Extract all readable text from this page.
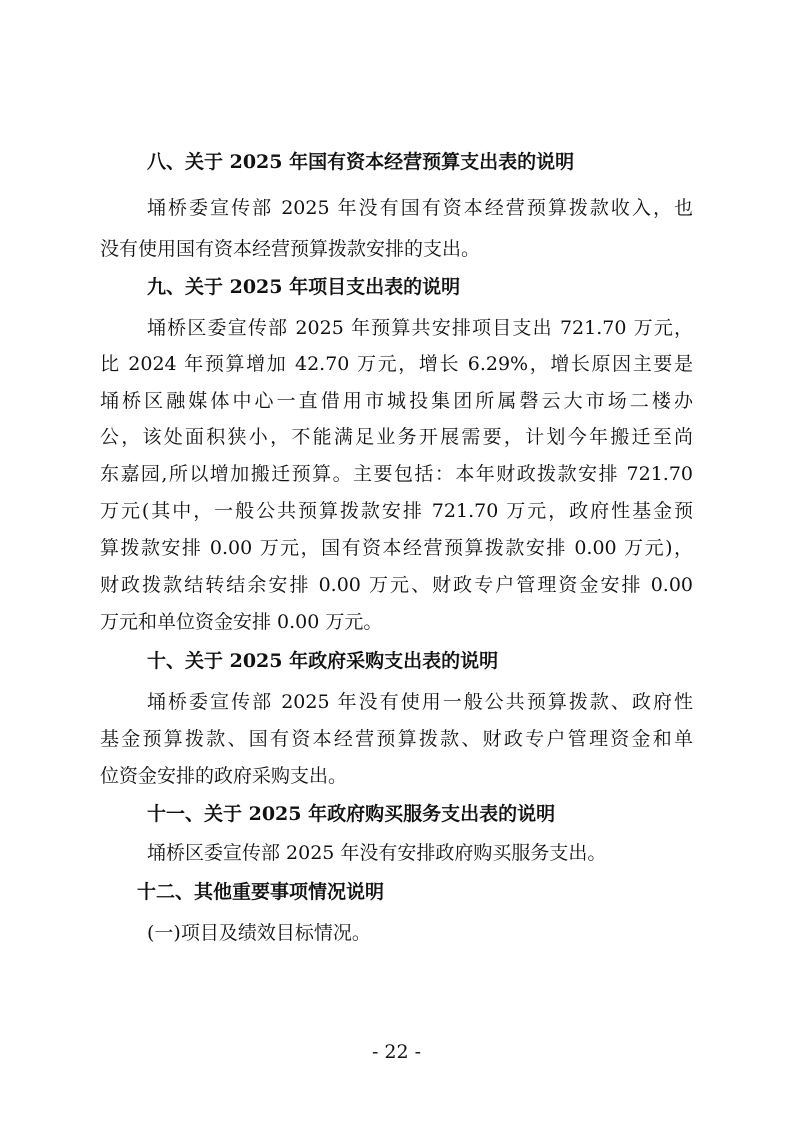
八、关于 2025 年国有资本经营预算支出表的说明
埇桥委宣传部 2025 年没有国有资本经营预算拨款收入，也
没有使用国有资本经营预算拨款安排的支出。
九、关于 2025 年项目支出表的说明
埇桥区委宣传部 2025 年预算共安排项目支出 721.70 万元，
比 2024 年预算增加 42.70 万元，增长 6.29%，增长原因主要是
埇桥区融媒体中心一直借用市城投集团所属磬云大市场二楼办
公，该处面积狭小，不能满足业务开展需要，计划今年搬迁至尚
东嘉园,所以增加搬迁预算。主要包括：本年财政拨款安排 721.70
万元(其中，一般公共预算拨款安排 721.70 万元，政府性基金预
算拨款安排 0.00 万元，国有资本经营预算拨款安排 0.00 万元)，
财政拨款结转结余安排 0.00 万元、财政专户管理资金安排 0.00
万元和单位资金安排 0.00 万元。
十、关于 2025 年政府采购支出表的说明
埇桥委宣传部 2025 年没有使用一般公共预算拨款、政府性
基金预算拨款、国有资本经营预算拨款、财政专户管理资金和单
位资金安排的政府采购支出。
十一、关于 2025 年政府购买服务支出表的说明
埇桥区委宣传部 2025 年没有安排政府购买服务支出。
十二、其他重要事项情况说明
(一)项目及绩效目标情况。
- 22 -
